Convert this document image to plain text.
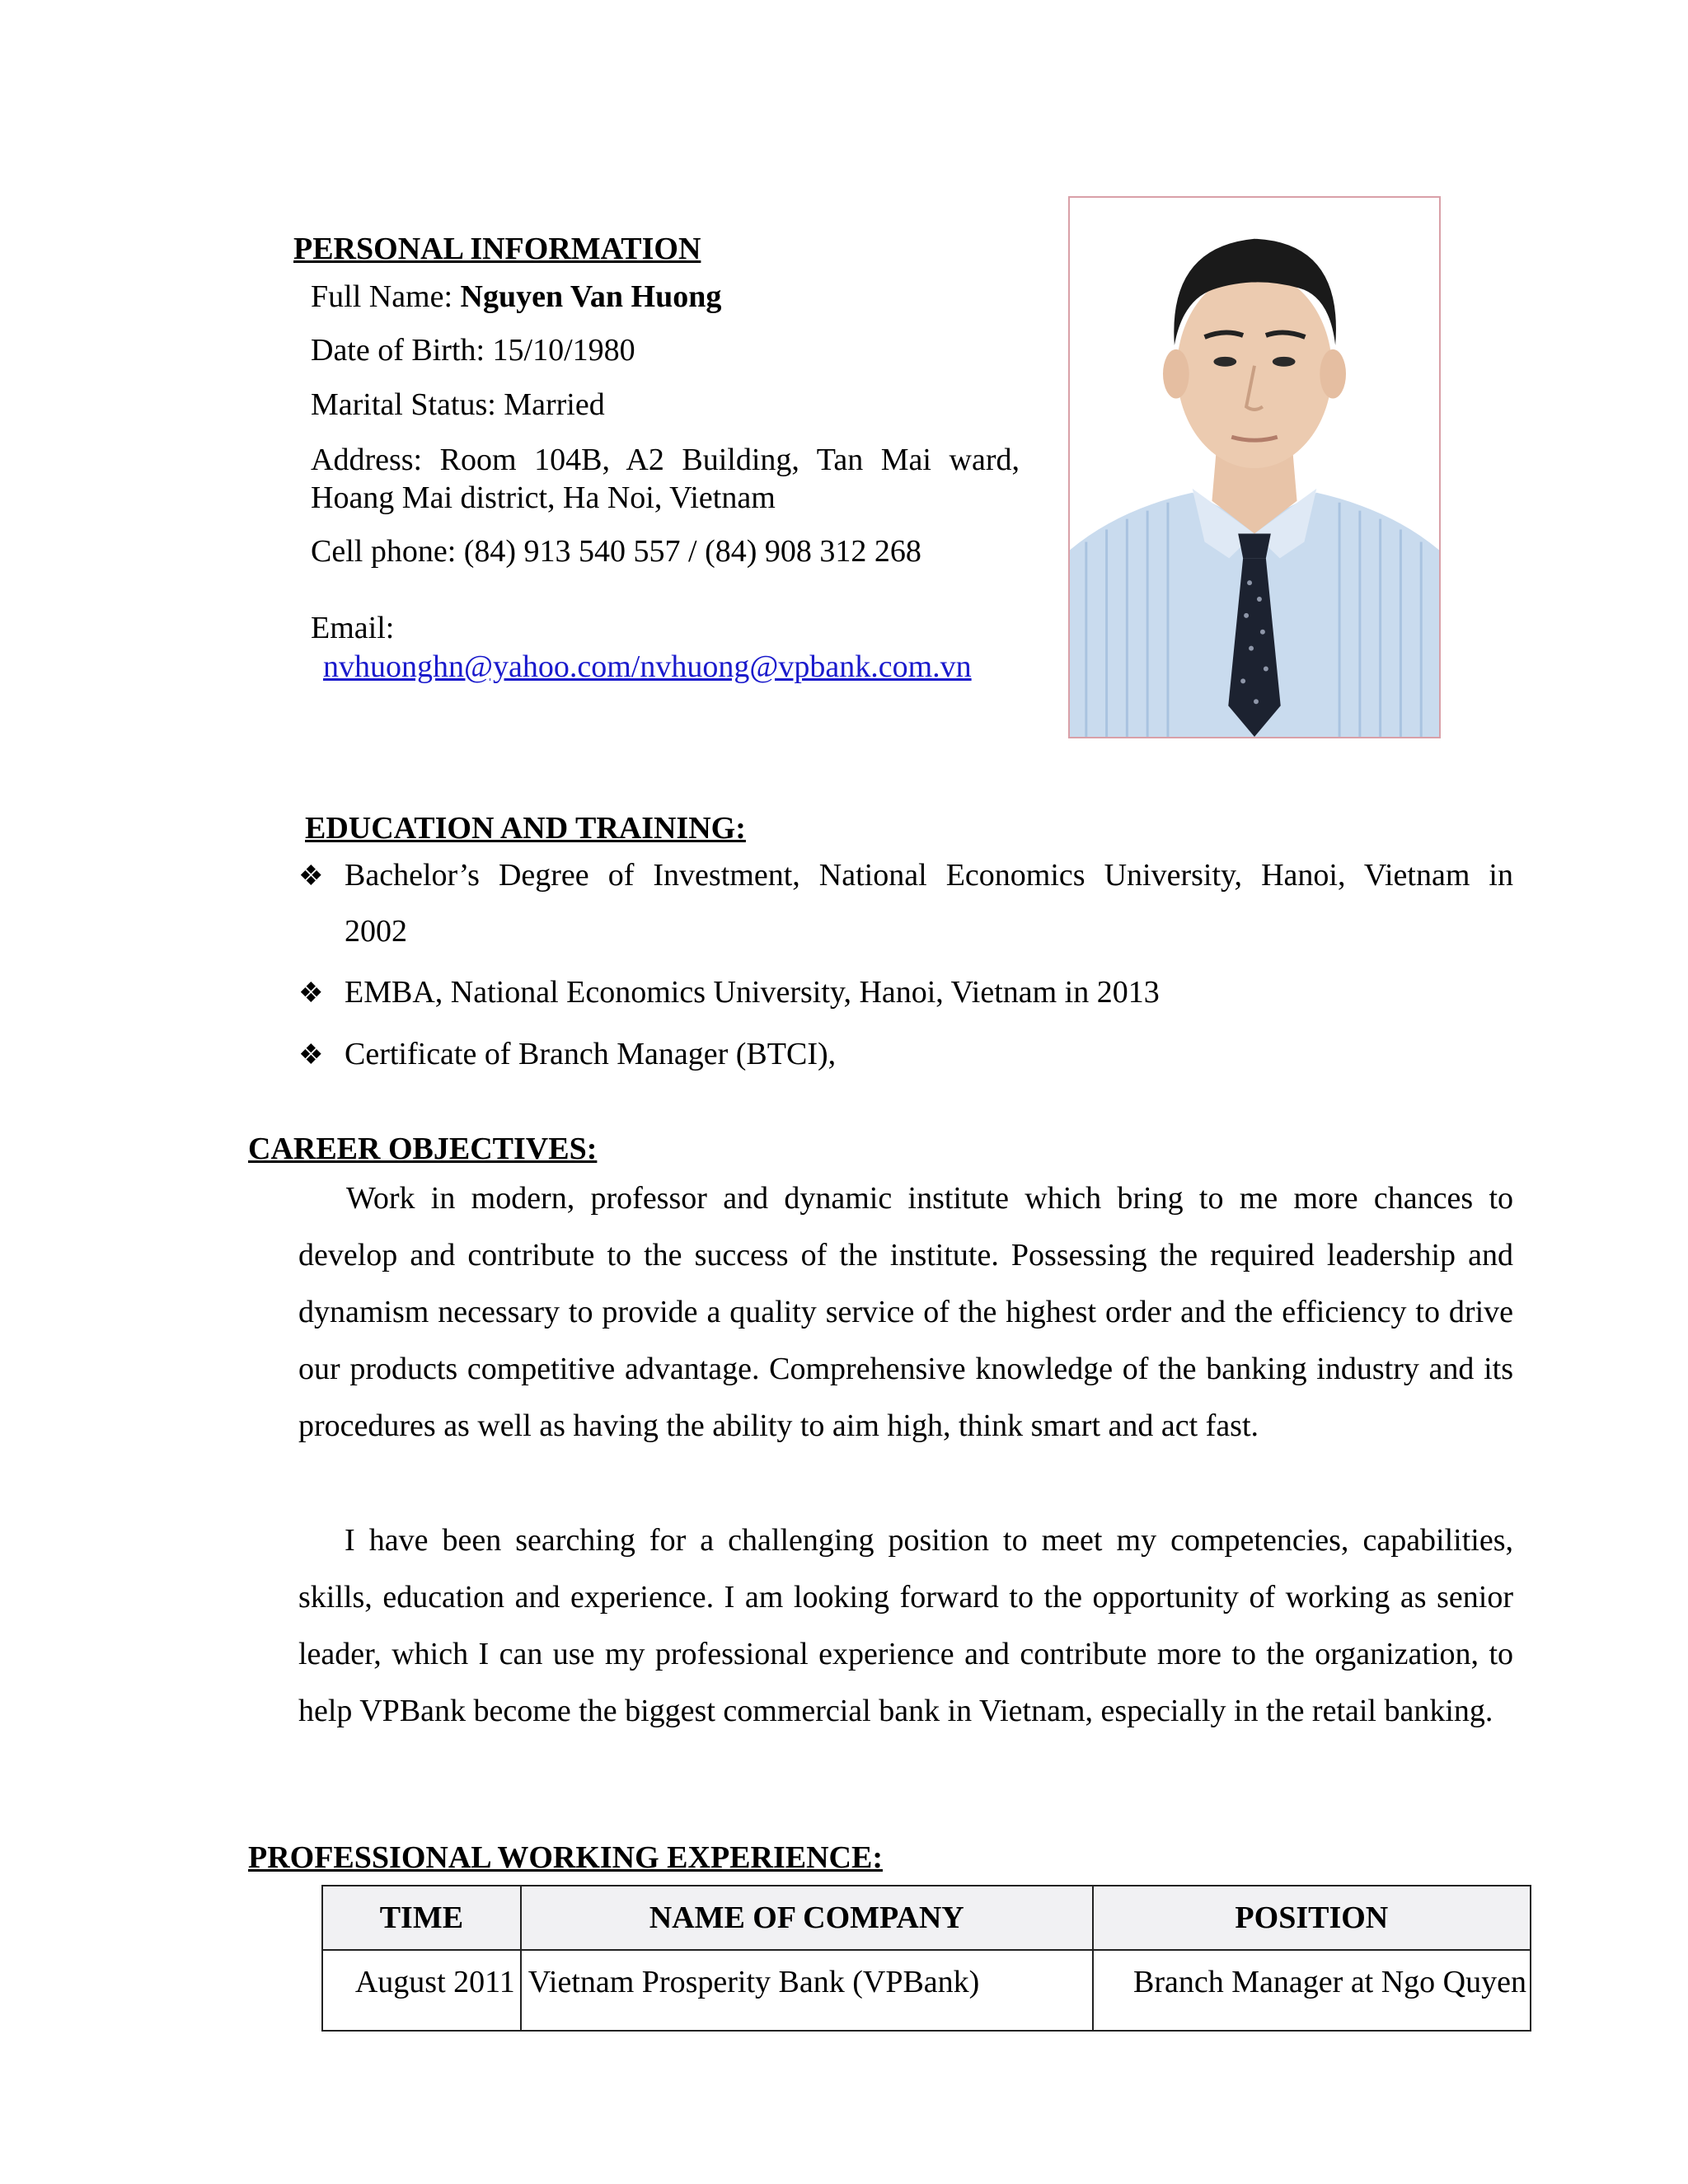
PERSONAL INFORMATION
Full Name: Nguyen Van Huong
Date of Birth: 15/10/1980
Marital Status: Married
Address: Room 104B, A2 Building, Tan Mai ward,
Hoang Mai district, Ha Noi, Vietnam
Cell phone: (84) 913 540 557 / (84) 908 312 268
Email:
nvhuonghn@yahoo.com/nvhuong@vpbank.com.vn
EDUCATION AND TRAINING:
❖ Bachelor’s Degree of Investment, National Economics University, Hanoi, Vietnam in
2002
❖ EMBA, National Economics University, Hanoi, Vietnam in 2013
❖ Certificate of Branch Manager (BTCI),
CAREER OBJECTIVES:
Work in modern, professor and dynamic institute which bring to me more chances to develop and contribute to the success of the institute. Possessing the required leadership and dynamism necessary to provide a quality service of the highest order and the efficiency to drive our products competitive advantage. Comprehensive knowledge of the banking industry and its procedures as well as having the ability to aim high, think smart and act fast.
I have been searching for a challenging position to meet my competencies, capabilities, skills, education and experience. I am looking forward to the opportunity of working as senior leader, which I can use my professional experience and contribute more to the organization, to help VPBank become the biggest commercial bank in Vietnam, especially in the retail banking.
PROFESSIONAL WORKING EXPERIENCE:
TIME	NAME OF COMPANY	POSITION
August 2011	Vietnam Prosperity Bank (VPBank)	Branch Manager at Ngo Quyen
